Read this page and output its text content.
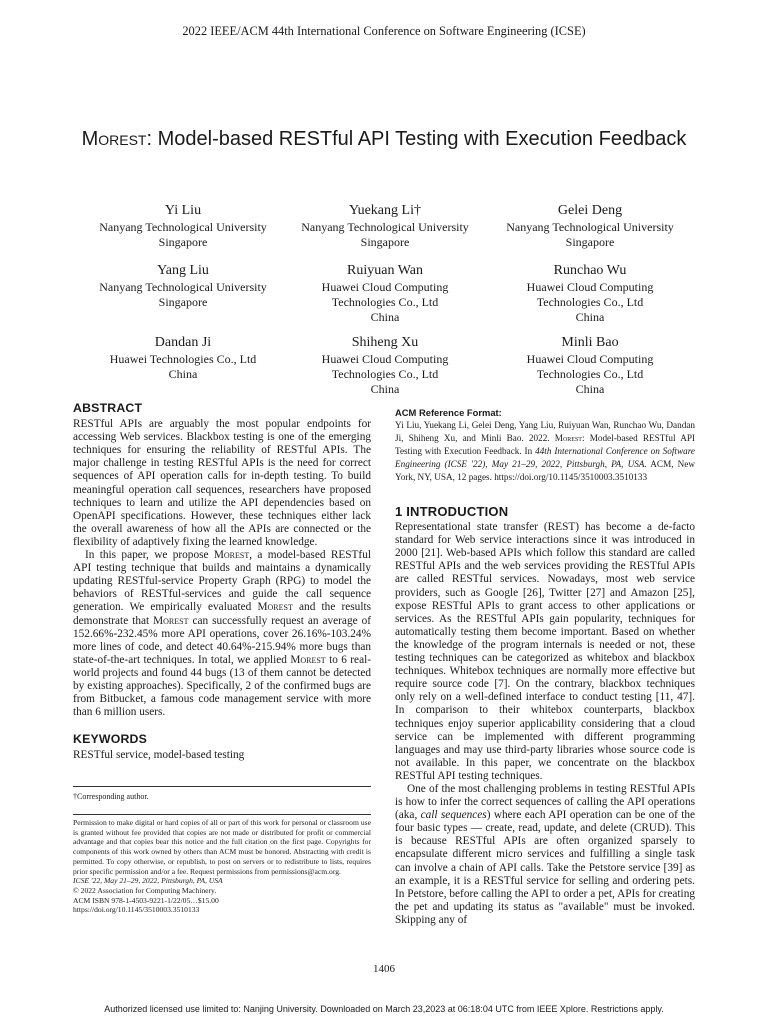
2022 IEEE/ACM 44th International Conference on Software Engineering (ICSE)
Morest: Model-based RESTful API Testing with Execution Feedback
Yi Liu
Nanyang Technological University
Singapore
Yuekang Li†
Nanyang Technological University
Singapore
Gelei Deng
Nanyang Technological University
Singapore
Yang Liu
Nanyang Technological University
Singapore
Ruiyuan Wan
Huawei Cloud Computing
Technologies Co., Ltd
China
Runchao Wu
Huawei Cloud Computing
Technologies Co., Ltd
China
Dandan Ji
Huawei Technologies Co., Ltd
China
Shiheng Xu
Huawei Cloud Computing
Technologies Co., Ltd
China
Minli Bao
Huawei Cloud Computing
Technologies Co., Ltd
China
ABSTRACT

RESTful APIs are arguably the most popular endpoints for accessing Web services. Blackbox testing is one of the emerging techniques for ensuring the reliability of RESTful APIs. The major challenge in testing RESTful APIs is the need for correct sequences of API operation calls for in-depth testing. To build meaningful operation call sequences, researchers have proposed techniques to learn and utilize the API dependencies based on OpenAPI specifications. However, these techniques either lack the overall awareness of how all the APIs are connected or the flexibility of adaptively fixing the learned knowledge.

In this paper, we propose Morest, a model-based RESTful API testing technique that builds and maintains a dynamically updating RESTful-service Property Graph (RPG) to model the behaviors of RESTful-services and guide the call sequence generation. We empirically evaluated Morest and the results demonstrate that Morest can successfully request an average of 152.66%-232.45% more API operations, cover 26.16%-103.24% more lines of code, and detect 40.64%-215.94% more bugs than state-of-the-art techniques. In total, we applied Morest to 6 real-world projects and found 44 bugs (13 of them cannot be detected by existing approaches). Specifically, 2 of the confirmed bugs are from Bitbucket, a famous code management service with more than 6 million users.

KEYWORDS

RESTful service, model-based testing

†Corresponding author.
Permission to make digital or hard copies of all or part of this work for personal or classroom use is granted without fee provided that copies are not made or distributed for profit or commercial advantage and that copies bear this notice and the full citation on the first page. Copyrights for components of this work owned by others than ACM must be honored. Abstracting with credit is permitted. To copy otherwise, or republish, to post on servers or to redistribute to lists, requires prior specific permission and/or a fee. Request permissions from permissions@acm.org.
ICSE '22, May 21–29, 2022, Pittsburgh, PA, USA
© 2022 Association for Computing Machinery.
ACM ISBN 978-1-4503-9221-1/22/05…$15.00
https://doi.org/10.1145/3510003.3510133
ACM Reference Format:
Yi Liu, Yuekang Li, Gelei Deng, Yang Liu, Ruiyuan Wan, Runchao Wu, Dandan Ji, Shiheng Xu, and Minli Bao. 2022. Morest: Model-based RESTful API Testing with Execution Feedback. In 44th International Conference on Software Engineering (ICSE '22), May 21–29, 2022, Pittsburgh, PA, USA. ACM, New York, NY, USA, 12 pages. https://doi.org/10.1145/3510003.3510133
1 INTRODUCTION

Representational state transfer (REST) has become a de-facto standard for Web service interactions since it was introduced in 2000 [21]. Web-based APIs which follow this standard are called RESTful APIs and the web services providing the RESTful APIs are called RESTful services. Nowadays, most web service providers, such as Google [26], Twitter [27] and Amazon [25], expose RESTful APIs to grant access to other applications or services. As the RESTful APIs gain popularity, techniques for automatically testing them become important. Based on whether the knowledge of the program internals is needed or not, these testing techniques can be categorized as whitebox and blackbox techniques. Whitebox techniques are normally more effective but require source code [7]. On the contrary, blackbox techniques only rely on a well-defined interface to conduct testing [11, 47]. In comparison to their whitebox counterparts, blackbox techniques enjoy superior applicability considering that a cloud service can be implemented with different programming languages and may use third-party libraries whose source code is not available. In this paper, we concentrate on the blackbox RESTful API testing techniques.

One of the most challenging problems in testing RESTful APIs is how to infer the correct sequences of calling the API operations (aka, call sequences) where each API operation can be one of the four basic types — create, read, update, and delete (CRUD). This is because RESTful APIs are often organized sparsely to encapsulate different micro services and fulfilling a single task can involve a chain of API calls. Take the Petstore service [39] as an example, it is a RESTful service for selling and ordering pets. In Petstore, before calling the API to order a pet, APIs for creating the pet and updating its status as "available" must be invoked. Skipping any of

1406
Authorized licensed use limited to: Nanjing University. Downloaded on March 23,2023 at 06:18:04 UTC from IEEE Xplore. Restrictions apply.
